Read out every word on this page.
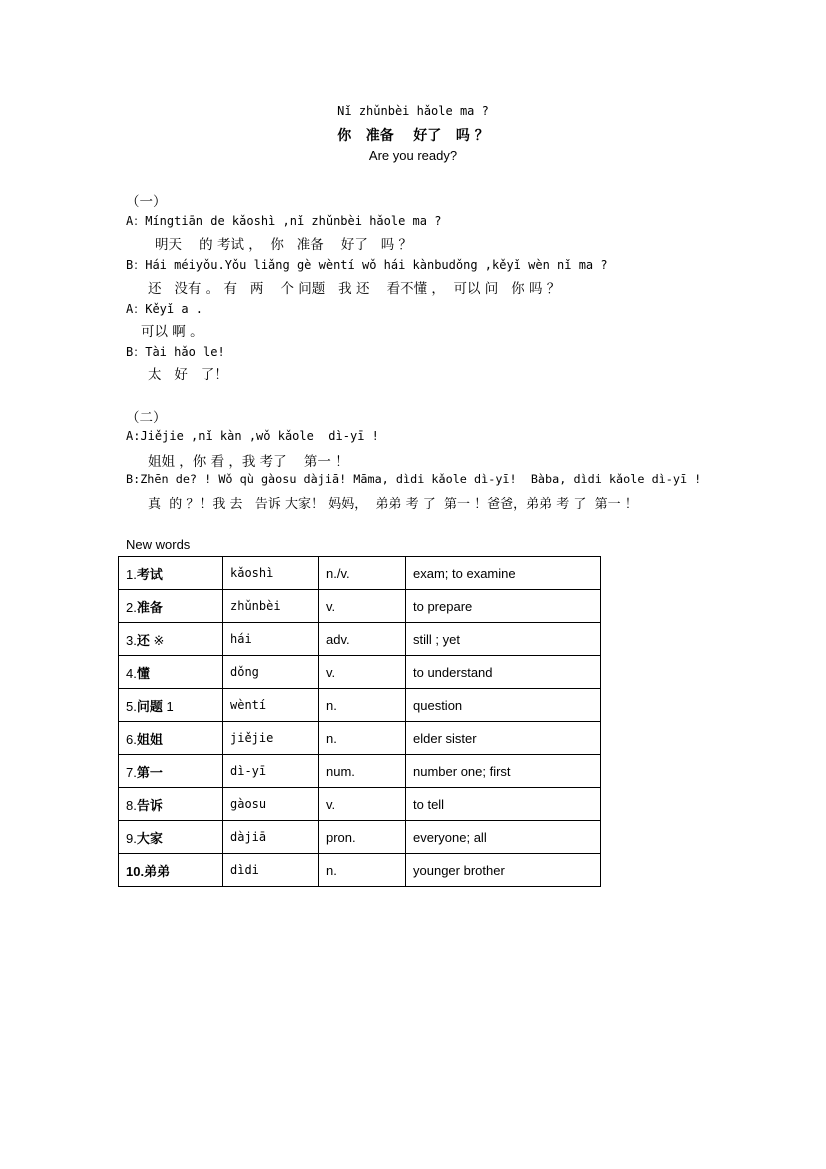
Nǐ zhǔnbèi hǎole ma ?
你   准备    好了   吗 ？
Are you ready?
（一）
A：Míngtiān de kǎoshì ,nǐ zhǔnbèi hǎole ma ?
明天    的 考试 ，  你   准备    好了   吗 ？
B：Hái méiyǒu.Yǒu liǎng gè wèntí wǒ hái kànbudǒng ,kěyǐ wèn nǐ ma ?
还   没有 。 有   两    个 问题   我 还    看不懂 ，  可以 问   你 吗 ？
A：Kěyǐ a .
可以 啊 。
B：Tài hǎo le!
太   好   了！
（二）
A:Jiějie ,nǐ kàn ,wǒ kǎole  dì-yī !
姐姐 ，你 看 ，我 考了    第一 ！
B:Zhēn de? ! Wǒ qù gàosu dàjiā! Māma, dìdi kǎole dì-yī!  Bàba, dìdi kǎole dì-yī !
真  的 ？！我 去   告诉 大家！ 妈妈，  弟弟 考 了  第一 ！爸爸，弟弟 考 了  第一 ！
New words
1.考试	kǎoshì	n./v.	exam; to examine
2.准备	zhǔnbèi	v.	to prepare
3.还 ※	hái	adv.	still ; yet
4.懂	dǒng	v.	to understand
5.问题 1	wèntí	n.	question
6.姐姐	jiějie	n.	elder sister
7.第一	dì-yī	num.	number one; first
8.告诉	gàosu	v.	to tell
9.大家	dàjiā	pron.	everyone; all
10.弟弟	dìdi	n.	younger brother
